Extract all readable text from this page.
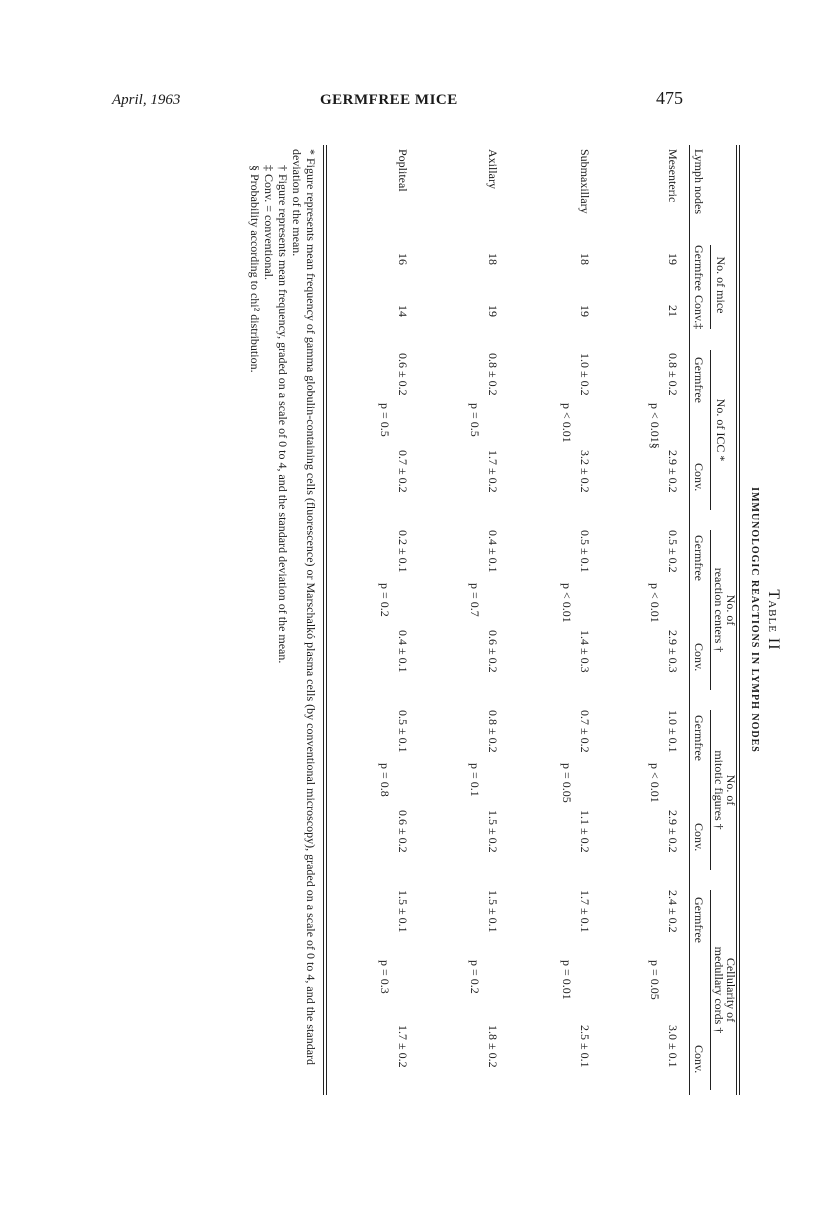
April, 1963	GERMFREE MICE	475
Table II
IMMUNOLOGIC REACTIONS IN LYMPH NODES
Lymph nodes
No. of mice
Germfree
Conv.‡
No. of ICC *
Germfree
Conv.
No. of
reaction centers †
Germfree
Conv.
No. of
mitotic figures †
Germfree
Conv.
Cellularity of
medullary cords †
Germfree
Conv.
Mesenteric
19
21
0.8 ± 0.2
2.9 ± 0.2
p < 0.01§
0.5 ± 0.2
2.9 ± 0.3
p < 0.01
1.0 ± 0.1
2.9 ± 0.2
p < 0.01
2.4 ± 0.2
3.0 ± 0.1
p = 0.05
Submaxillary
18
19
1.0 ± 0.2
3.2 ± 0.2
p < 0.01
0.5 ± 0.1
1.4 ± 0.3
p < 0.01
0.7 ± 0.2
1.1 ± 0.2
p = 0.05
1.7 ± 0.1
2.5 ± 0.1
p = 0.01
Axillary
18
19
0.8 ± 0.2
1.7 ± 0.2
p = 0.5
0.4 ± 0.1
0.6 ± 0.2
p = 0.7
0.8 ± 0.2
1.5 ± 0.2
p = 0.1
1.5 ± 0.1
1.8 ± 0.2
p = 0.2
Popliteal
16
14
0.6 ± 0.2
0.7 ± 0.2
p = 0.5
0.2 ± 0.1
0.4 ± 0.1
p = 0.2
0.5 ± 0.1
0.6 ± 0.2
p = 0.8
1.5 ± 0.1
1.7 ± 0.2
p = 0.3

* Figure represents mean frequency of gamma globulin-containing cells (fluorescence) or Marschalkó plasma cells (by conventional microscopy), graded on a scale of 0 to 4, and the standard deviation of the mean.

† Figure represents mean frequency, graded on a scale of 0 to 4, and the standard deviation of the mean.

‡ Conv. = conventional.

§ Probability according to chi² distribution.
